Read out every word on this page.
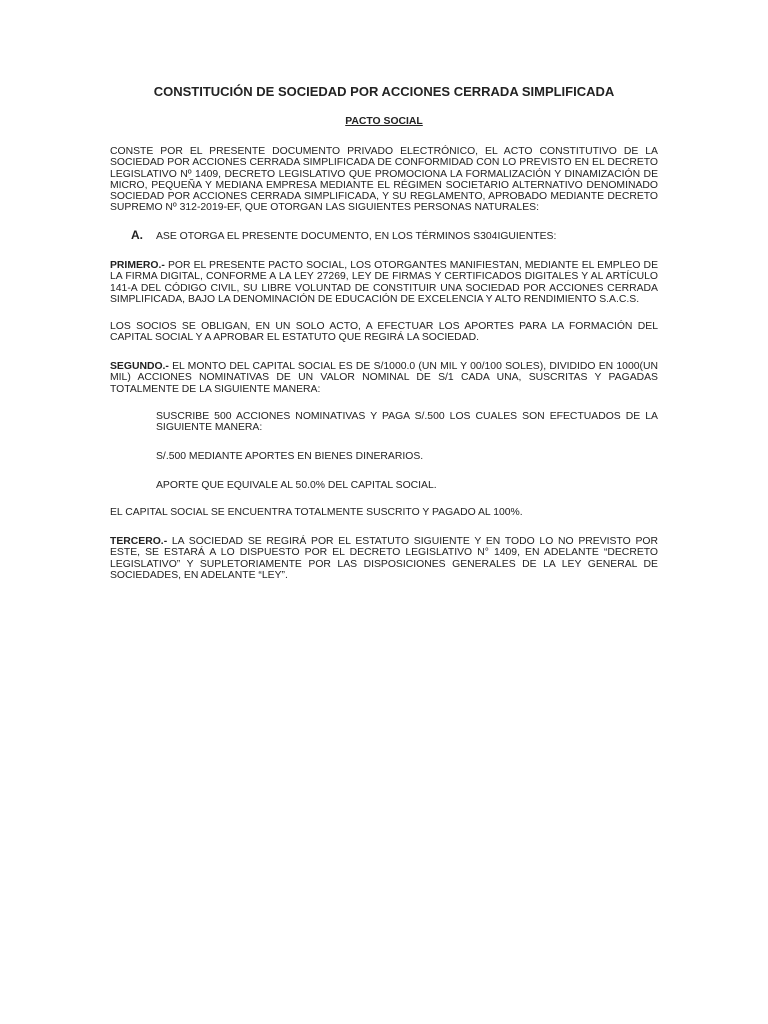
CONSTITUCIÓN DE SOCIEDAD POR ACCIONES CERRADA SIMPLIFICADA

PACTO SOCIAL

CONSTE POR EL PRESENTE DOCUMENTO PRIVADO ELECTRÓNICO, EL ACTO CONSTITUTIVO DE LA SOCIEDAD POR ACCIONES CERRADA SIMPLIFICADA DE CONFORMIDAD CON LO PREVISTO EN EL DECRETO LEGISLATIVO Nº 1409, DECRETO LEGISLATIVO QUE PROMOCIONA LA FORMALIZACIÓN Y DINAMIZACIÓN DE MICRO, PEQUEÑA Y MEDIANA EMPRESA MEDIANTE EL RÉGIMEN SOCIETARIO ALTERNATIVO DENOMINADO SOCIEDAD POR ACCIONES CERRADA SIMPLIFICADA, Y SU REGLAMENTO, APROBADO MEDIANTE DECRETO SUPREMO Nº 312-2019-EF, QUE OTORGAN LAS SIGUIENTES PERSONAS NATURALES:

A. ASE OTORGA EL PRESENTE DOCUMENTO, EN LOS TÉRMINOS S304IGUIENTES:

PRIMERO.- POR EL PRESENTE PACTO SOCIAL, LOS OTORGANTES MANIFIESTAN, MEDIANTE EL EMPLEO DE LA FIRMA DIGITAL, CONFORME A LA LEY 27269, LEY DE FIRMAS Y CERTIFICADOS DIGITALES Y AL ARTÍCULO 141-A DEL CÓDIGO CIVIL, SU LIBRE VOLUNTAD DE CONSTITUIR UNA SOCIEDAD POR ACCIONES CERRADA SIMPLIFICADA, BAJO LA DENOMINACIÓN DE EDUCACIÓN DE EXCELENCIA Y ALTO RENDIMIENTO S.A.C.S.

LOS SOCIOS SE OBLIGAN, EN UN SOLO ACTO, A EFECTUAR LOS APORTES PARA LA FORMACIÓN DEL CAPITAL SOCIAL Y A APROBAR EL ESTATUTO QUE REGIRÁ LA SOCIEDAD.

SEGUNDO.- EL MONTO DEL CAPITAL SOCIAL ES DE S/1000.0 (UN MIL Y 00/100 SOLES), DIVIDIDO EN 1000(UN MIL) ACCIONES NOMINATIVAS DE UN VALOR NOMINAL DE S/1 CADA UNA, SUSCRITAS Y PAGADAS TOTALMENTE DE LA SIGUIENTE MANERA:

SUSCRIBE 500 ACCIONES NOMINATIVAS Y PAGA S/.500 LOS CUALES SON EFECTUADOS DE LA SIGUIENTE MANERA:

S/.500 MEDIANTE APORTES EN BIENES DINERARIOS.

APORTE QUE EQUIVALE AL 50.0% DEL CAPITAL SOCIAL.

EL CAPITAL SOCIAL SE ENCUENTRA TOTALMENTE SUSCRITO Y PAGADO AL 100%.

TERCERO.- LA SOCIEDAD SE REGIRÁ POR EL ESTATUTO SIGUIENTE Y EN TODO LO NO PREVISTO POR ESTE, SE ESTARÁ A LO DISPUESTO POR EL DECRETO LEGISLATIVO N° 1409, EN ADELANTE “DECRETO LEGISLATIVO” Y SUPLETORIAMENTE POR LAS DISPOSICIONES GENERALES DE LA LEY GENERAL DE SOCIEDADES, EN ADELANTE “LEY”.
